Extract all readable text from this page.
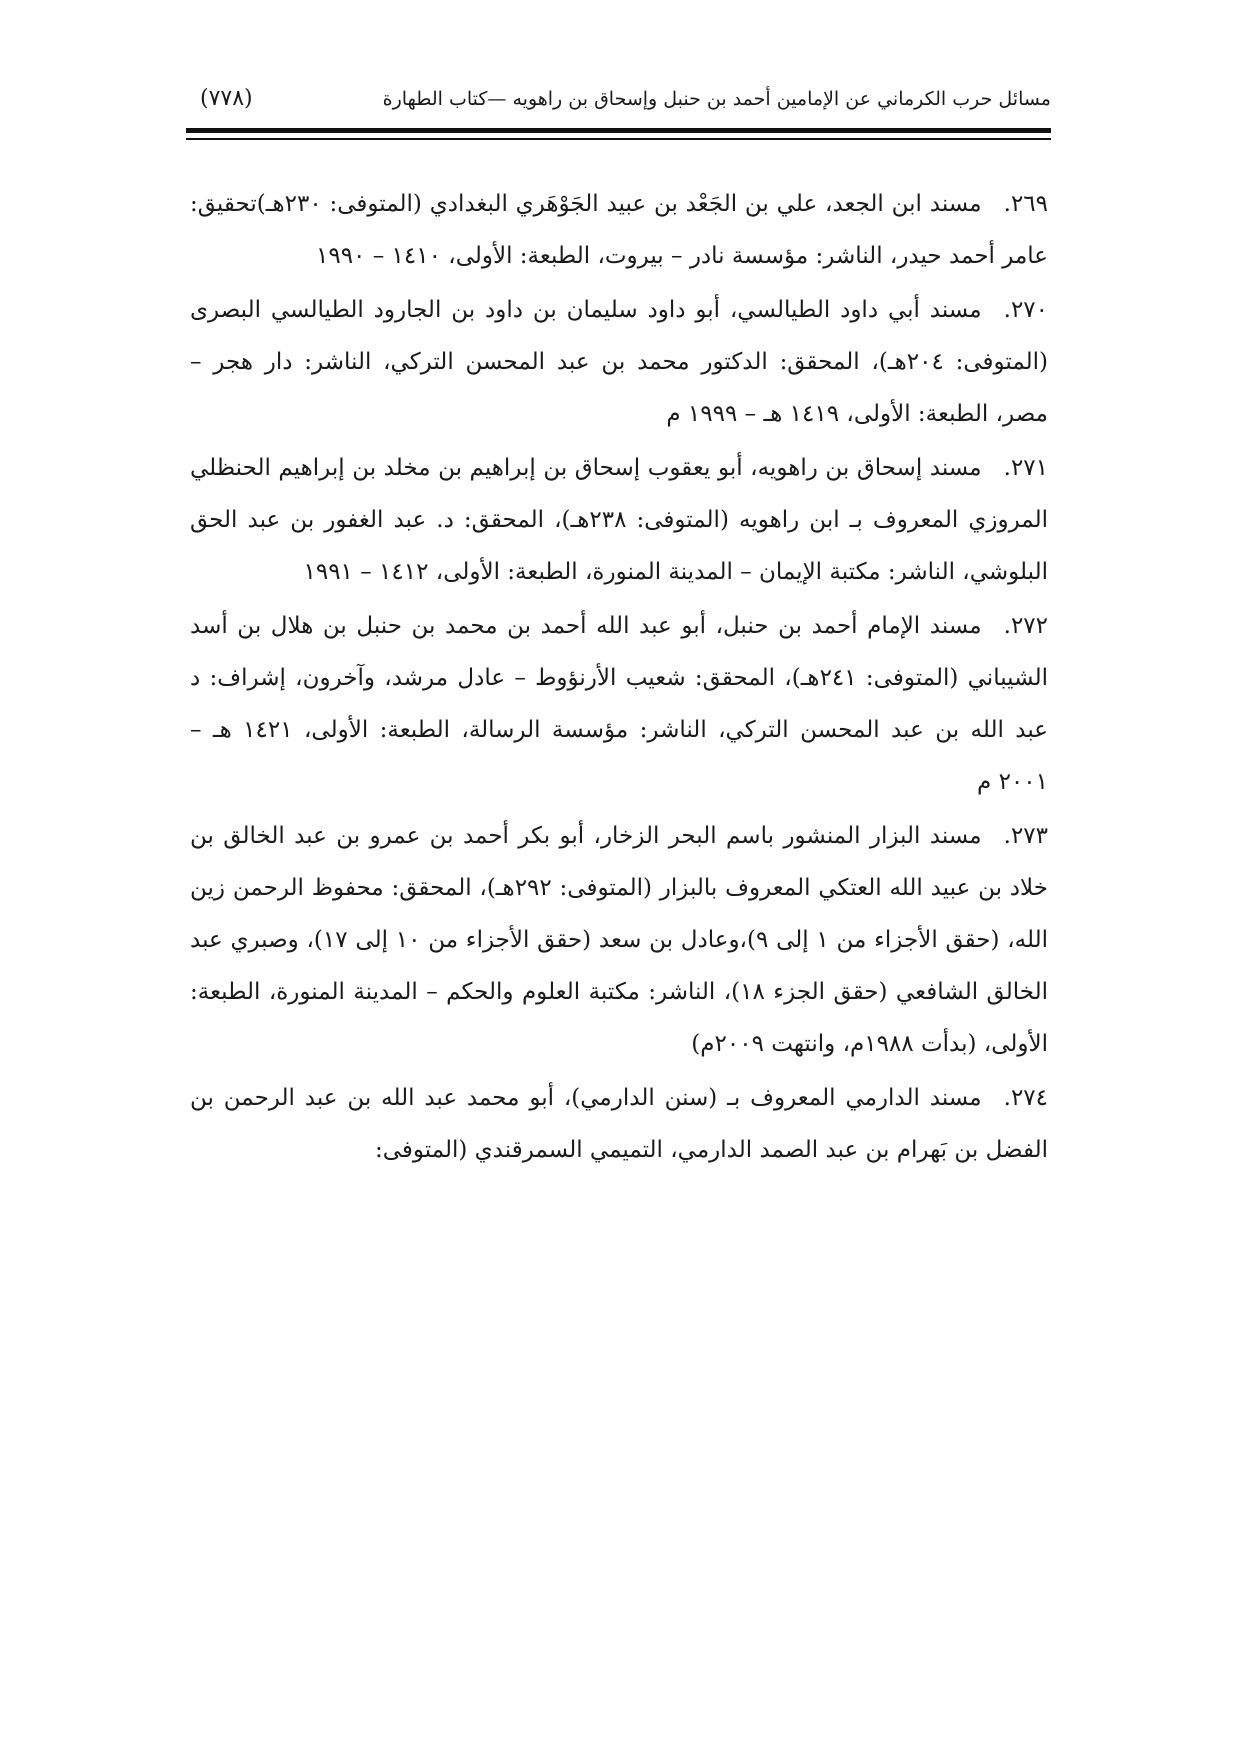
مسائل حرب الكرماني عن الإمامين أحمد بن حنبل وإسحاق بن راهويه —كتاب الطهارة
(٧٧٨)

٢٦٩.مسند ابن الجعد، علي بن الجَعْد بن عبيد الجَوْهَري البغدادي (المتوفى: ٢٣٠هـ)تحقيق: عامر أحمد حيدر، الناشر: مؤسسة نادر – بيروت، الطبعة: الأولى، ١٤١٠ – ١٩٩٠

٢٧٠.مسند أبي داود الطيالسي، أبو داود سليمان بن داود بن الجارود الطيالسي البصرى (المتوفى: ٢٠٤هـ)، المحقق: الدكتور محمد بن عبد المحسن التركي، الناشر: دار هجر – مصر، الطبعة: الأولى، ١٤١٩ هـ – ١٩٩٩ م

٢٧١.مسند إسحاق بن راهويه، أبو يعقوب إسحاق بن إبراهيم بن مخلد بن إبراهيم الحنظلي المروزي المعروف بـ ابن راهويه (المتوفى: ٢٣٨هـ)، المحقق: د. عبد الغفور بن عبد الحق البلوشي، الناشر: مكتبة الإيمان – المدينة المنورة، الطبعة: الأولى، ١٤١٢ – ١٩٩١

٢٧٢.مسند الإمام أحمد بن حنبل، أبو عبد الله أحمد بن محمد بن حنبل بن هلال بن أسد الشيباني (المتوفى: ٢٤١هـ)، المحقق: شعيب الأرنؤوط – عادل مرشد، وآخرون، إشراف: د عبد الله بن عبد المحسن التركي، الناشر: مؤسسة الرسالة، الطبعة: الأولى، ١٤٢١ هـ – ٢٠٠١ م

٢٧٣.مسند البزار المنشور باسم البحر الزخار، أبو بكر أحمد بن عمرو بن عبد الخالق بن خلاد بن عبيد الله العتكي المعروف بالبزار (المتوفى: ٢٩٢هـ)، المحقق: محفوظ الرحمن زين الله، (حقق الأجزاء من ١ إلى ٩)،وعادل بن سعد (حقق الأجزاء من ١٠ إلى ١٧)، وصبري عبد الخالق الشافعي (حقق الجزء ١٨)، الناشر: مكتبة العلوم والحكم – المدينة المنورة، الطبعة: الأولى، (بدأت ١٩٨٨م، وانتهت ٢٠٠٩م)

٢٧٤.مسند الدارمي المعروف بـ (سنن الدارمي)، أبو محمد عبد الله بن عبد الرحمن بن الفضل بن بَهرام بن عبد الصمد الدارمي، التميمي السمرقندي (المتوفى:
